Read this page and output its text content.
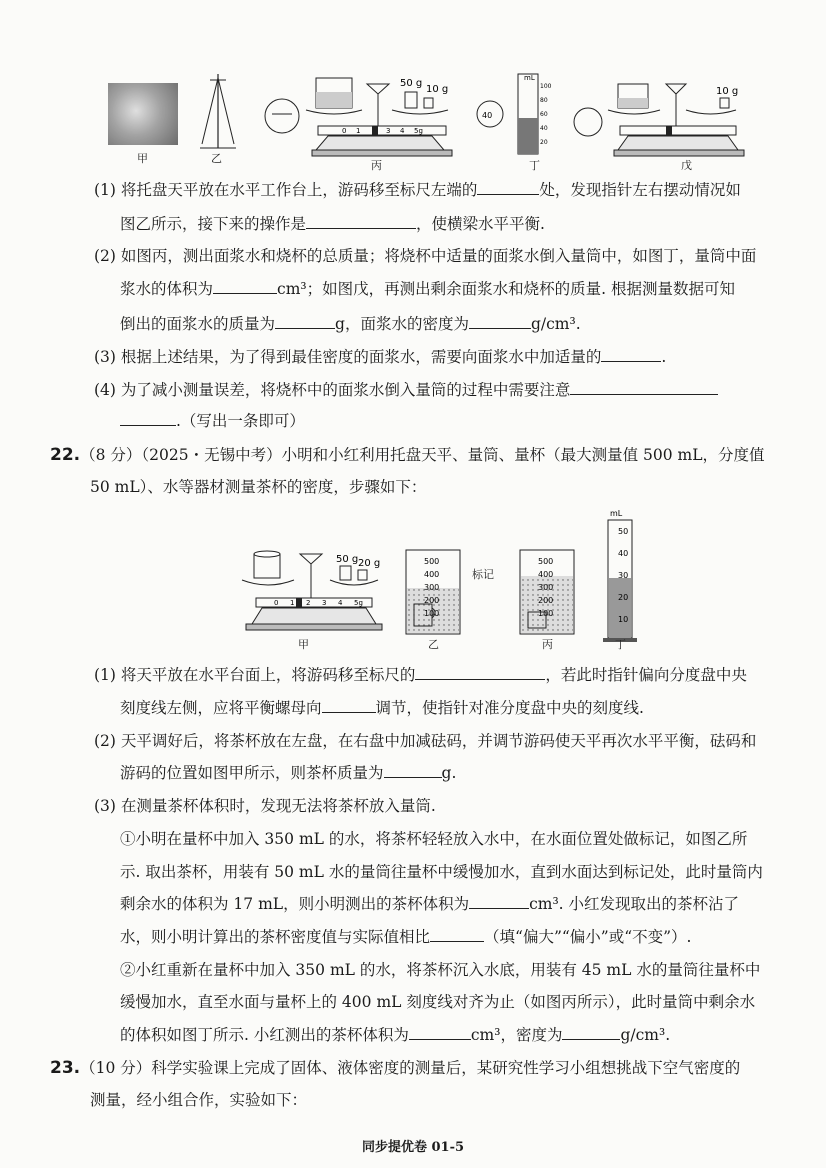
甲	乙
50 g
10 g
0 1	3 4 5g
丙
40
mL
100
80
60
40
20
丁
10 g
戊
(1) 将托盘天平放在水平工作台上，游码移至标尺左端的	处，发现指针左右摆动情况如
图乙所示，接下来的操作是	，使横梁水平平衡.
(2) 如图丙，测出面浆水和烧杯的总质量；将烧杯中适量的面浆水倒入量筒中，如图丁，量筒中面
浆水的体积为	cm³；如图戊，再测出剩余面浆水和烧杯的质量. 根据测量数据可知
倒出的面浆水的质量为	g，面浆水的密度为	g/cm³.
(3) 根据上述结果，为了得到最佳密度的面浆水，需要向面浆水中加适量的	.
(4) 为了减小测量误差，将烧杯中的面浆水倒入量筒的过程中需要注意
.（写出一条即可）
22.（8 分）（2025・无锡中考）小明和小红利用托盘天平、量筒、量杯（最大测量值 500 mL，分度值
50 mL）、水等器材测量茶杯的密度，步骤如下：
50 g 20 g
0 1 2 3 4 5g
甲
500
400
300
200
100
标记
乙
500
400
300
200
100
丙
mL
50
40
30
20
10
丁
(1) 将天平放在水平台面上，将游码移至标尺的	，若此时指针偏向分度盘中央
刻度线左侧，应将平衡螺母向	调节，使指针对准分度盘中央的刻度线.
(2) 天平调好后，将茶杯放在左盘，在右盘中加减砝码，并调节游码使天平再次水平平衡，砝码和
游码的位置如图甲所示，则茶杯质量为	g.
(3) 在测量茶杯体积时，发现无法将茶杯放入量筒.
①小明在量杯中加入 350 mL 的水，将茶杯轻轻放入水中，在水面位置处做标记，如图乙所
示. 取出茶杯，用装有 50 mL 水的量筒往量杯中缓慢加水，直到水面达到标记处，此时量筒内
剩余水的体积为 17 mL，则小明测出的茶杯体积为	cm³. 小红发现取出的茶杯沾了
水，则小明计算出的茶杯密度值与实际值相比	（填“偏大”“偏小”或“不变”）.
②小红重新在量杯中加入 350 mL 的水，将茶杯沉入水底，用装有 45 mL 水的量筒往量杯中
缓慢加水，直至水面与量杯上的 400 mL 刻度线对齐为止（如图丙所示），此时量筒中剩余水
的体积如图丁所示. 小红测出的茶杯体积为	cm³，密度为	g/cm³.
23.（10 分）科学实验课上完成了固体、液体密度的测量后，某研究性学习小组想挑战下空气密度的
测量，经小组合作，实验如下：
同步提优卷 01-5
